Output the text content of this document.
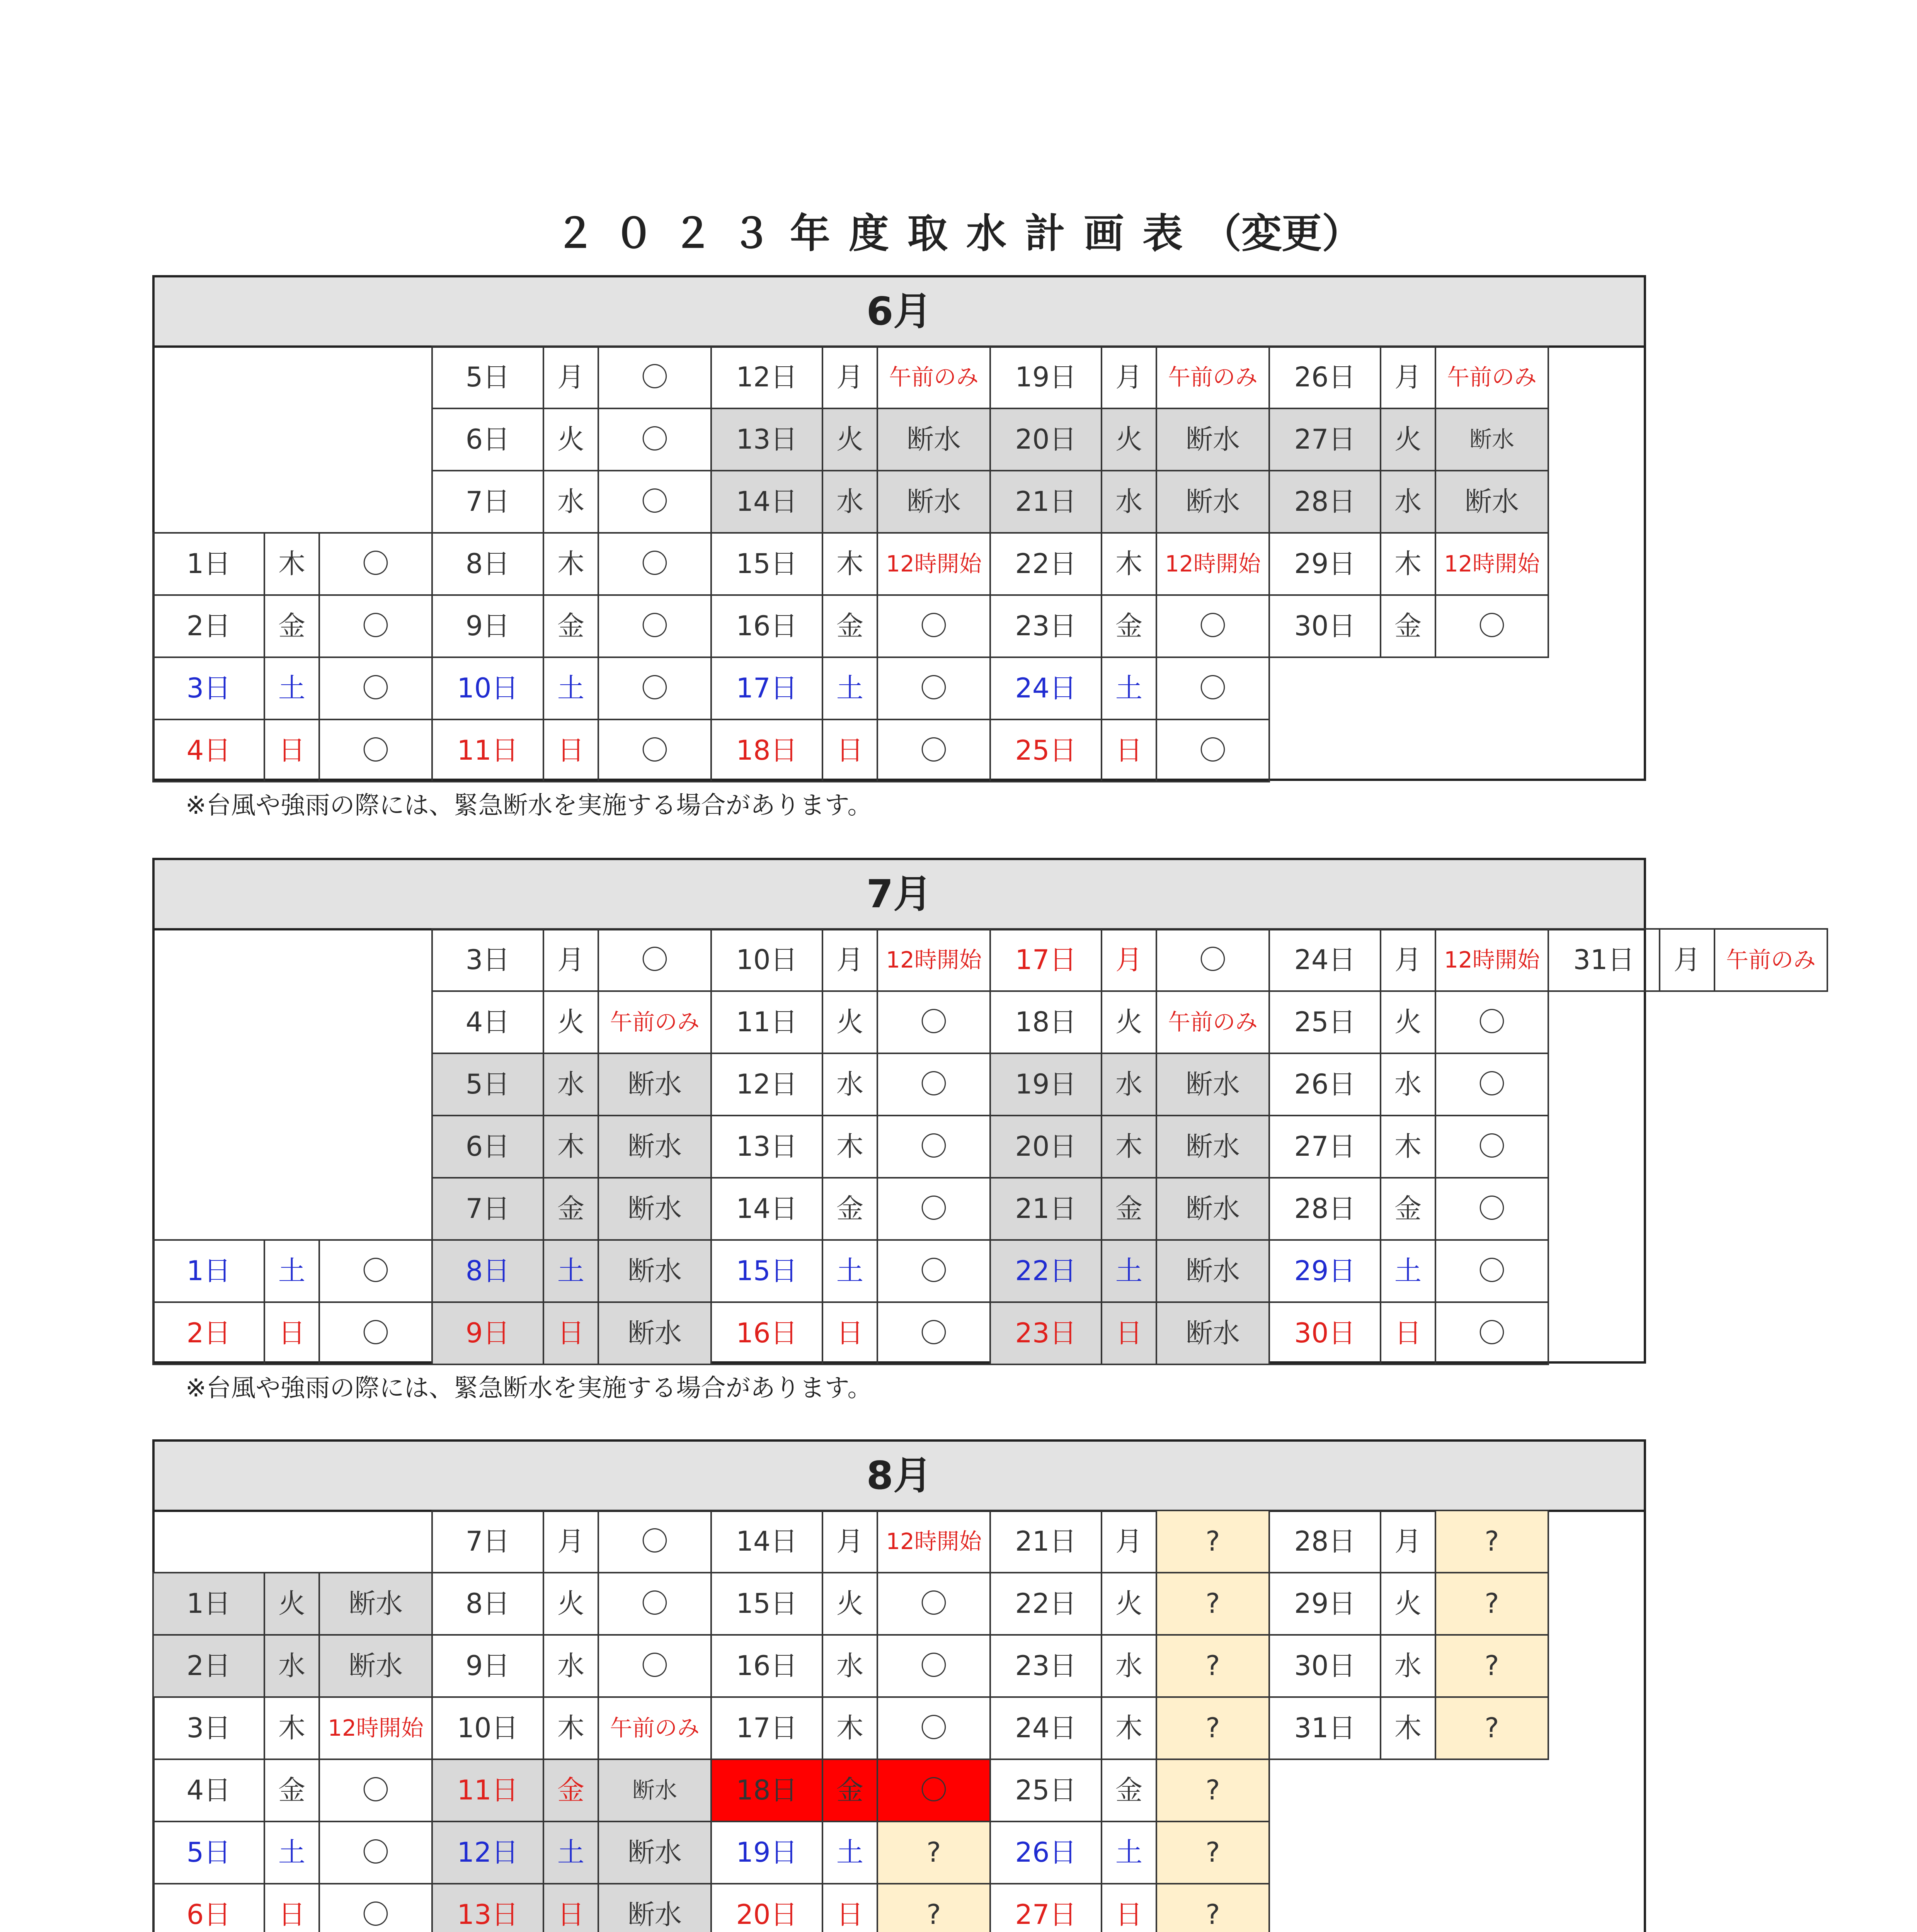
２ ０ ２ ３ 年 度 取 水 計 画 表 （変更）
6月
1日	木	〇
2日	金	〇
3日	土	〇
4日	日	〇
5日	月	〇
6日	火	〇
7日	水	〇
8日	木	〇
9日	金	〇
10日	土	〇
11日	日	〇
12日	月	午前のみ
13日	火	断水
14日	水	断水
15日	木	12時開始
16日	金	〇
17日	土	〇
18日	日	〇
19日	月	午前のみ
20日	火	断水
21日	水	断水
22日	木	12時開始
23日	金	〇
24日	土	〇
25日	日	〇
26日	月	午前のみ
27日	火	断水
28日	水	断水
29日	木	12時開始
30日	金	〇
※台風や強雨の際には、緊急断水を実施する場合があります。
7月
1日	土	〇
2日	日	〇
3日	月	〇
4日	火	午前のみ
5日	水	断水
6日	木	断水
7日	金	断水
8日	土	断水
9日	日	断水
10日	月	12時開始
11日	火	〇
12日	水	〇
13日	木	〇
14日	金	〇
15日	土	〇
16日	日	〇
17日	月	〇
18日	火	午前のみ
19日	水	断水
20日	木	断水
21日	金	断水
22日	土	断水
23日	日	断水
24日	月	12時開始
25日	火	〇
26日	水	〇
27日	木	〇
28日	金	〇
29日	土	〇
30日	日	〇
31日	月	午前のみ
※台風や強雨の際には、緊急断水を実施する場合があります。
8月
1日	火	断水
2日	水	断水
3日	木	12時開始
4日	金	〇
5日	土	〇
6日	日	〇
7日	月	〇
8日	火	〇
9日	水	〇
10日	木	午前のみ
11日	金	断水
12日	土	断水
13日	日	断水
14日	月	12時開始
15日	火	〇
16日	水	〇
17日	木	〇
18日	金	〇
19日	土	?
20日	日	?
21日	月	?
22日	火	?
23日	水	?
24日	木	?
25日	金	?
26日	土	?
27日	日	?
28日	月	?
29日	火	?
30日	水	?
31日	木	?
